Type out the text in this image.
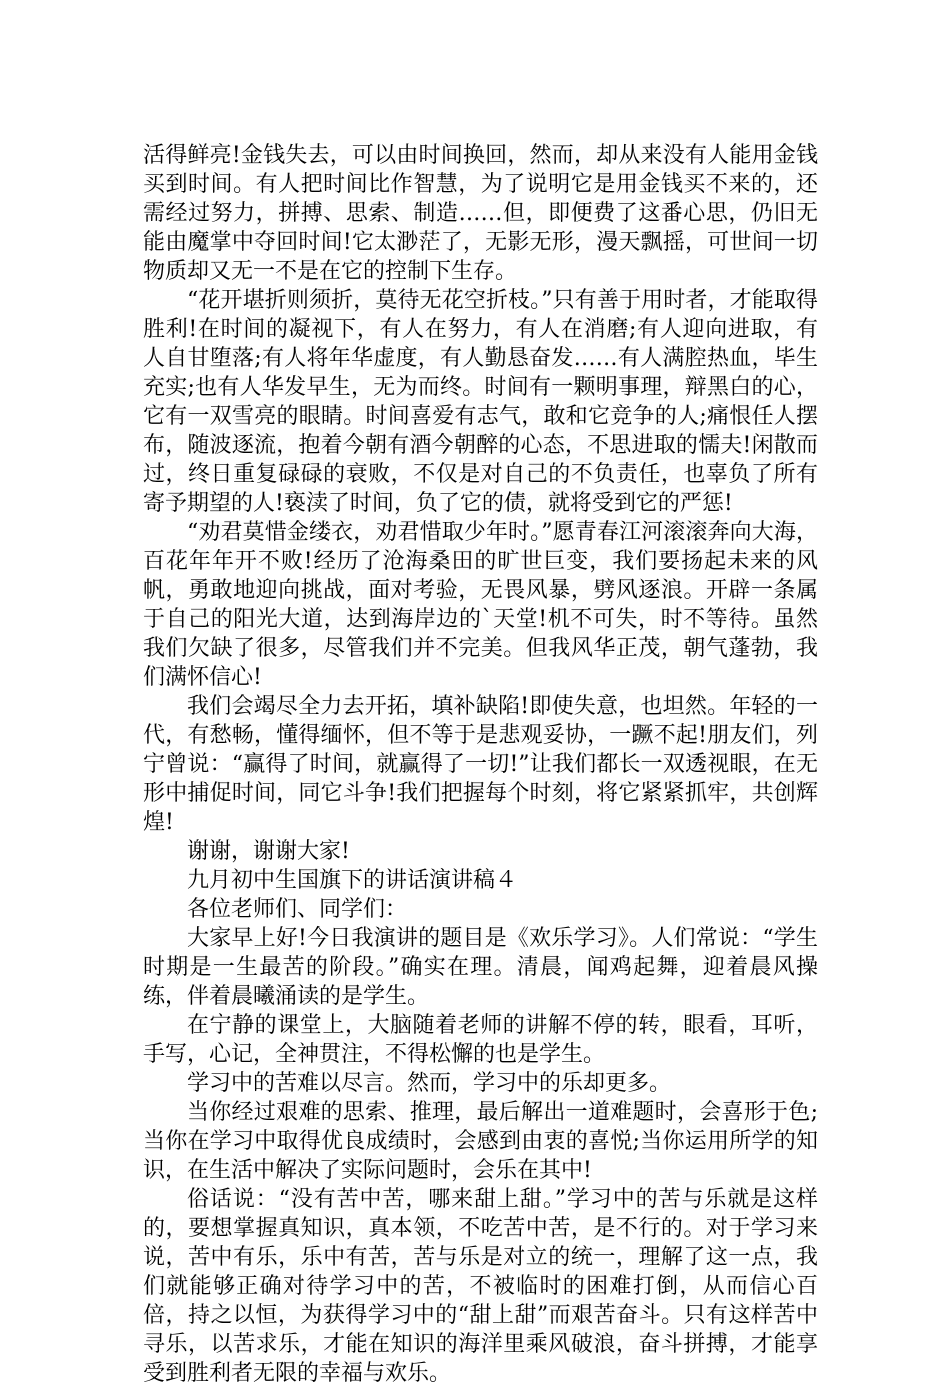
活得鲜亮!金钱失去，可以由时间换回，然而，却从来没有人能用金钱买到时间。有人把时间比作智慧，为了说明它是用金钱买不来的，还需经过努力，拼搏、思索、制造……但，即便费了这番心思，仍旧无能由魔掌中夺回时间!它太渺茫了，无影无形，漫天飘摇，可世间一切物质却又无一不是在它的控制下生存。

“花开堪折则须折，莫待无花空折枝。”只有善于用时者，才能取得胜利!在时间的凝视下，有人在努力，有人在消磨;有人迎向进取，有人自甘堕落;有人将年华虚度，有人勤恳奋发……有人满腔热血，毕生充实;也有人华发早生，无为而终。时间有一颗明事理，辩黑白的心，它有一双雪亮的眼睛。时间喜爱有志气，敢和它竞争的人;痛恨任人摆布，随波逐流，抱着今朝有酒今朝醉的心态，不思进取的懦夫!闲散而过，终日重复碌碌的衰败，不仅是对自己的不负责任，也辜负了所有寄予期望的人!亵渎了时间，负了它的债，就将受到它的严惩!

“劝君莫惜金缕衣，劝君惜取少年时。”愿青春江河滚滚奔向大海，百花年年开不败!经历了沧海桑田的旷世巨变，我们要扬起未来的风帆，勇敢地迎向挑战，面对考验，无畏风暴，劈风逐浪。开辟一条属于自己的阳光大道，达到海岸边的`天堂!机不可失，时不等待。虽然我们欠缺了很多，尽管我们并不完美。但我风华正茂，朝气蓬勃，我们满怀信心!

我们会竭尽全力去开拓，填补缺陷!即使失意，也坦然。年轻的一代，有愁畅，懂得缅怀，但不等于是悲观妥协，一蹶不起!朋友们，列宁曾说：“赢得了时间，就赢得了一切!”让我们都长一双透视眼，在无形中捕促时间，同它斗争!我们把握每个时刻，将它紧紧抓牢，共创辉煌!

谢谢，谢谢大家!

九月初中生国旗下的讲话演讲稿４

各位老师们、同学们：

大家早上好!今日我演讲的题目是《欢乐学习》。人们常说：“学生时期是一生最苦的阶段。”确实在理。清晨，闻鸡起舞，迎着晨风操练，伴着晨曦涌读的是学生。

在宁静的课堂上，大脑随着老师的讲解不停的转，眼看，耳听，手写，心记，全神贯注，不得松懈的也是学生。

学习中的苦难以尽言。然而，学习中的乐却更多。

当你经过艰难的思索、推理，最后解出一道难题时，会喜形于色;当你在学习中取得优良成绩时，会感到由衷的喜悦;当你运用所学的知识，在生活中解决了实际问题时，会乐在其中!

俗话说：“没有苦中苦，哪来甜上甜。”学习中的苦与乐就是这样的，要想掌握真知识，真本领，不吃苦中苦，是不行的。对于学习来说，苦中有乐，乐中有苦，苦与乐是对立的统一，理解了这一点，我们就能够正确对待学习中的苦，不被临时的困难打倒，从而信心百倍，持之以恒，为获得学习中的“甜上甜”而艰苦奋斗。只有这样苦中寻乐，以苦求乐，才能在知识的海洋里乘风破浪，奋斗拼搏，才能享受到胜利者无限的幸福与欢乐。
